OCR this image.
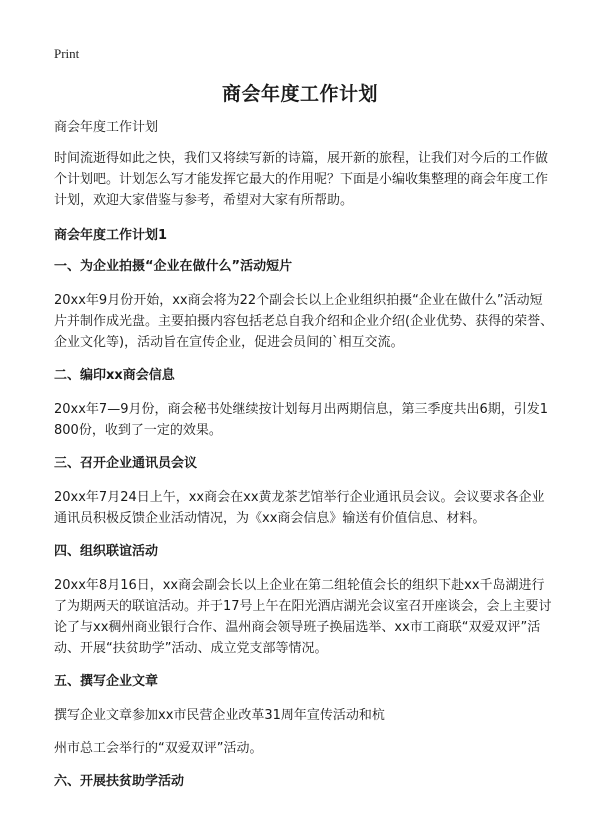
Print
商会年度工作计划

商会年度工作计划

时间流逝得如此之快，我们又将续写新的诗篇，展开新的旅程，让我们对今后的工作做个计划吧。计划怎么写才能发挥它最大的作用呢？下面是小编收集整理的商会年度工作计划，欢迎大家借鉴与参考，希望对大家有所帮助。

商会年度工作计划1

一、为企业拍摄“企业在做什么”活动短片

20xx年9月份开始，xx商会将为22个副会长以上企业组织拍摄“企业在做什么”活动短片并制作成光盘。主要拍摄内容包括老总自我介绍和企业介绍(企业优势、获得的荣誉、企业文化等)，活动旨在宣传企业，促进会员间的`相互交流。

二、编印xx商会信息

20xx年7—9月份，商会秘书处继续按计划每月出两期信息，第三季度共出6期，引发1800份，收到了一定的效果。

三、召开企业通讯员会议

20xx年7月24日上午，xx商会在xx黄龙茶艺馆举行企业通讯员会议。会议要求各企业通讯员积极反馈企业活动情况，为《xx商会信息》输送有价值信息、材料。

四、组织联谊活动

20xx年8月16日，xx商会副会长以上企业在第二组轮值会长的组织下赴xx千岛湖进行了为期两天的联谊活动。并于17号上午在阳光酒店湖光会议室召开座谈会，会上主要讨论了与xx稠州商业银行合作、温州商会领导班子换届选举、xx市工商联“双爱双评”活动、开展“扶贫助学”活动、成立党支部等情况。

五、撰写企业文章

撰写企业文章参加xx市民营企业改革31周年宣传活动和杭

州市总工会举行的“双爱双评”活动。

六、开展扶贫助学活动
